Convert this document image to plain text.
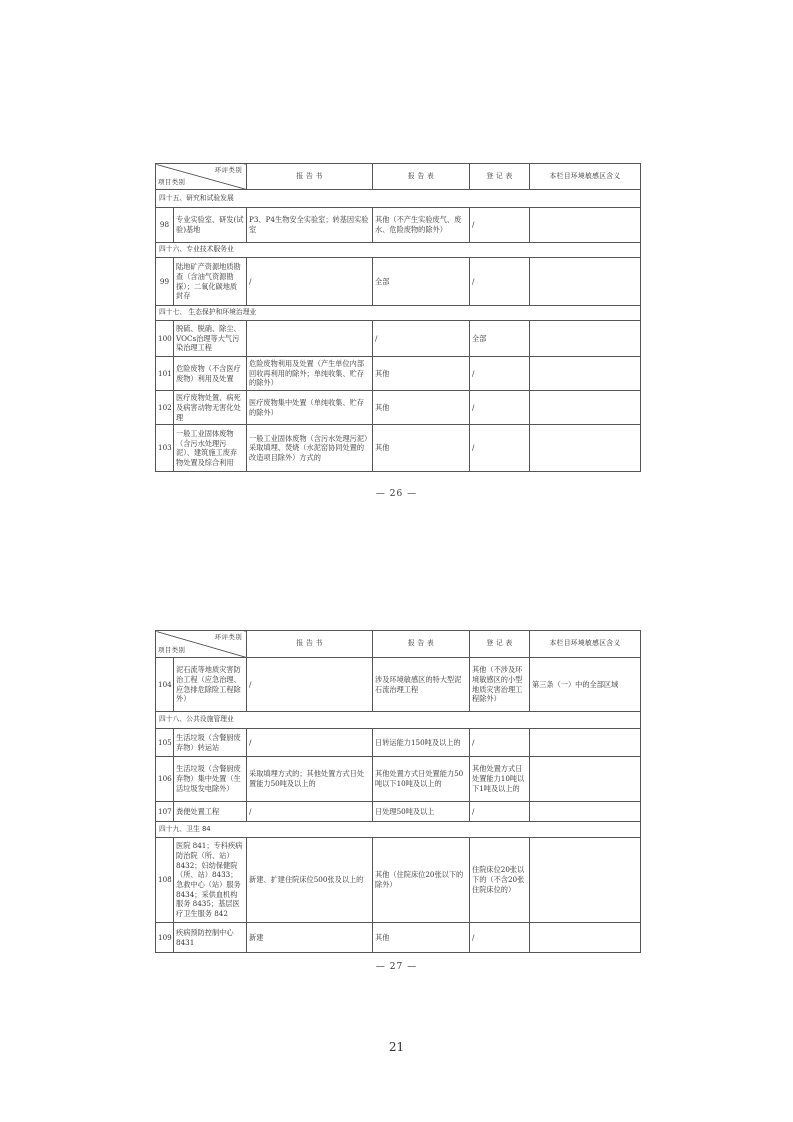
环评类别
项目类别		报 告 书	报 告 表	登 记 表	本栏目环境敏感区含义
四十五、研究和试验发展					
98	专业实验室、研发(试验)基地	P3、P4生物安全实验室；转基因实验室	其他（不产生实验废气、废水、危险废物的除外）	/	
四十六、专业技术服务业					
99	陆地矿产资源地质勘查（含油气资源勘探）；二氧化碳地质封存	/	全部	/	
四十七、 生态保护和环境治理业					
100	脱硫、脱硝、除尘、VOCs治理等大气污染治理工程		/	全部	
101	危险废物（不含医疗废物）利用及处置	危险废物利用及处置（产生单位内部回收再利用的除外；单纯收集、贮存的除外）	其他	/	
102	医疗废物处置、病死及病害动物无害化处理	医疗废物集中处置（单纯收集、贮存的除外）	其他	/	
103	一般工业固体废物（含污水处理污泥）、建筑施工废弃物处置及综合利用	一般工业固体废物（含污水处理污泥）采取填埋、焚烧（水泥窑协同处置的改造项目除外）方式的	其他	/	
— 26 —
环评类别
项目类别		报 告 书	报 告 表	登 记 表	本栏目环境敏感区含义
104	泥石流等地质灾害防治工程（应急治理、应急排危除险工程除外）	/	涉及环境敏感区的特大型泥石流治理工程	其他（不涉及环境敏感区的小型地质灾害治理工程除外）	第三条（一）中的全部区域
四十八、公共设施管理业					
105	生活垃圾（含餐厨废弃物）转运站	/	日转运能力150吨及以上的	/	
106	生活垃圾（含餐厨废弃物）集中处置（生活垃圾发电除外）	采取填埋方式的；其他处置方式日处置能力50吨及以上的	其他处置方式日处置能力50吨以下10吨及以上的	其他处置方式日处置能力10吨以下1吨及以上的	
107	粪便处置工程	/	日处理50吨及以上	/	
四十九、卫生 84					
108	医院 841；专科疾病防治院（所、站）8432；妇幼保健院（所、站）8433；急救中心（站）服务 8434；采供血机构服务 8435；基层医疗卫生服务 842	新建、扩建住院床位500张及以上的	其他（住院床位20张以下的除外）	住院床位20张以下的（不含20张住院床位的）	
109	疾病预防控制中心 8431	新建	其他	/	
— 27 —
21
